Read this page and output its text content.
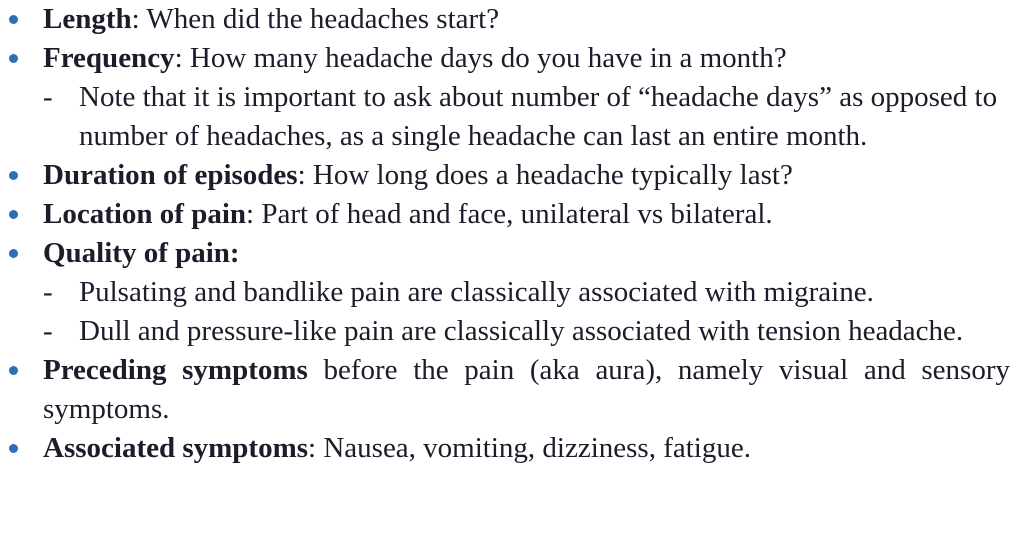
Length: When did the headaches start?
Frequency: How many headache days do you have in a month?
- Note that it is important to ask about number of “headache days” as opposed to number of headaches, as a single headache can last an entire month.
Duration of episodes: How long does a headache typically last?
Location of pain: Part of head and face, unilateral vs bilateral.
Quality of pain:
- Pulsating and bandlike pain are classically associated with migraine.
- Dull and pressure-like pain are classically associated with tension headache.
Preceding symptoms before the pain (aka aura), namely visual and sensory symptoms.
Associated symptoms: Nausea, vomiting, dizziness, fatigue.
